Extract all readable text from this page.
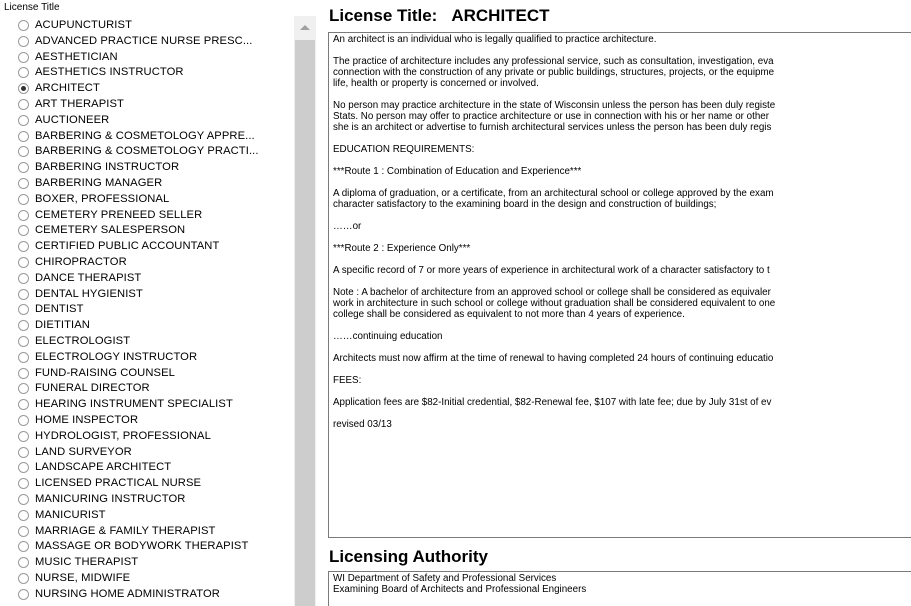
License Title
ACUPUNCTURIST
ADVANCED PRACTICE NURSE PRESC...
AESTHETICIAN
AESTHETICS INSTRUCTOR
ARCHITECT
ART THERAPIST
AUCTIONEER
BARBERING & COSMETOLOGY APPRE...
BARBERING & COSMETOLOGY PRACTI...
BARBERING INSTRUCTOR
BARBERING MANAGER
BOXER, PROFESSIONAL
CEMETERY PRENEED SELLER
CEMETERY SALESPERSON
CERTIFIED PUBLIC ACCOUNTANT
CHIROPRACTOR
DANCE THERAPIST
DENTAL HYGIENIST
DENTIST
DIETITIAN
ELECTROLOGIST
ELECTROLOGY INSTRUCTOR
FUND-RAISING COUNSEL
FUNERAL DIRECTOR
HEARING INSTRUMENT SPECIALIST
HOME INSPECTOR
HYDROLOGIST, PROFESSIONAL
LAND SURVEYOR
LANDSCAPE ARCHITECT
LICENSED PRACTICAL NURSE
MANICURING INSTRUCTOR
MANICURIST
MARRIAGE & FAMILY THERAPIST
MASSAGE OR BODYWORK THERAPIST
MUSIC THERAPIST
NURSE, MIDWIFE
NURSING HOME ADMINISTRATOR
License Title: ARCHITECT

An architect is an individual who is legally qualified to practice architecture.

The practice of architecture includes any professional service, such as consultation, investigation, eva
connection with the construction of any private or public buildings, structures, projects, or the equipme
life, health or property is concerned or involved.

No person may practice architecture in the state of Wisconsin unless the person has been duly registe
Stats. No person may offer to practice architecture or use in connection with his or her name or other
she is an architect or advertise to furnish architectural services unless the person has been duly regis

EDUCATION REQUIREMENTS:

***Route 1 : Combination of Education and Experience***

A diploma of graduation, or a certificate, from an architectural school or college approved by the exam
character satisfactory to the examining board in the design and construction of buildings;

……or

***Route 2 : Experience Only***

A specific record of 7 or more years of experience in architectural work of a character satisfactory to t

Note : A bachelor of architecture from an approved school or college shall be considered as equivaler
work in architecture in such school or college without graduation shall be considered equivalent to one
college shall be considered as equivalent to not more than 4 years of experience.

……continuing education

Architects must now affirm at the time of renewal to having completed 24 hours of continuing educatio

FEES:

Application fees are $82-Initial credential, $82-Renewal fee, $107 with late fee; due by July 31st of ev

revised 03/13

Licensing Authority
WI Department of Safety and Professional Services
Examining Board of Architects and Professional Engineers
